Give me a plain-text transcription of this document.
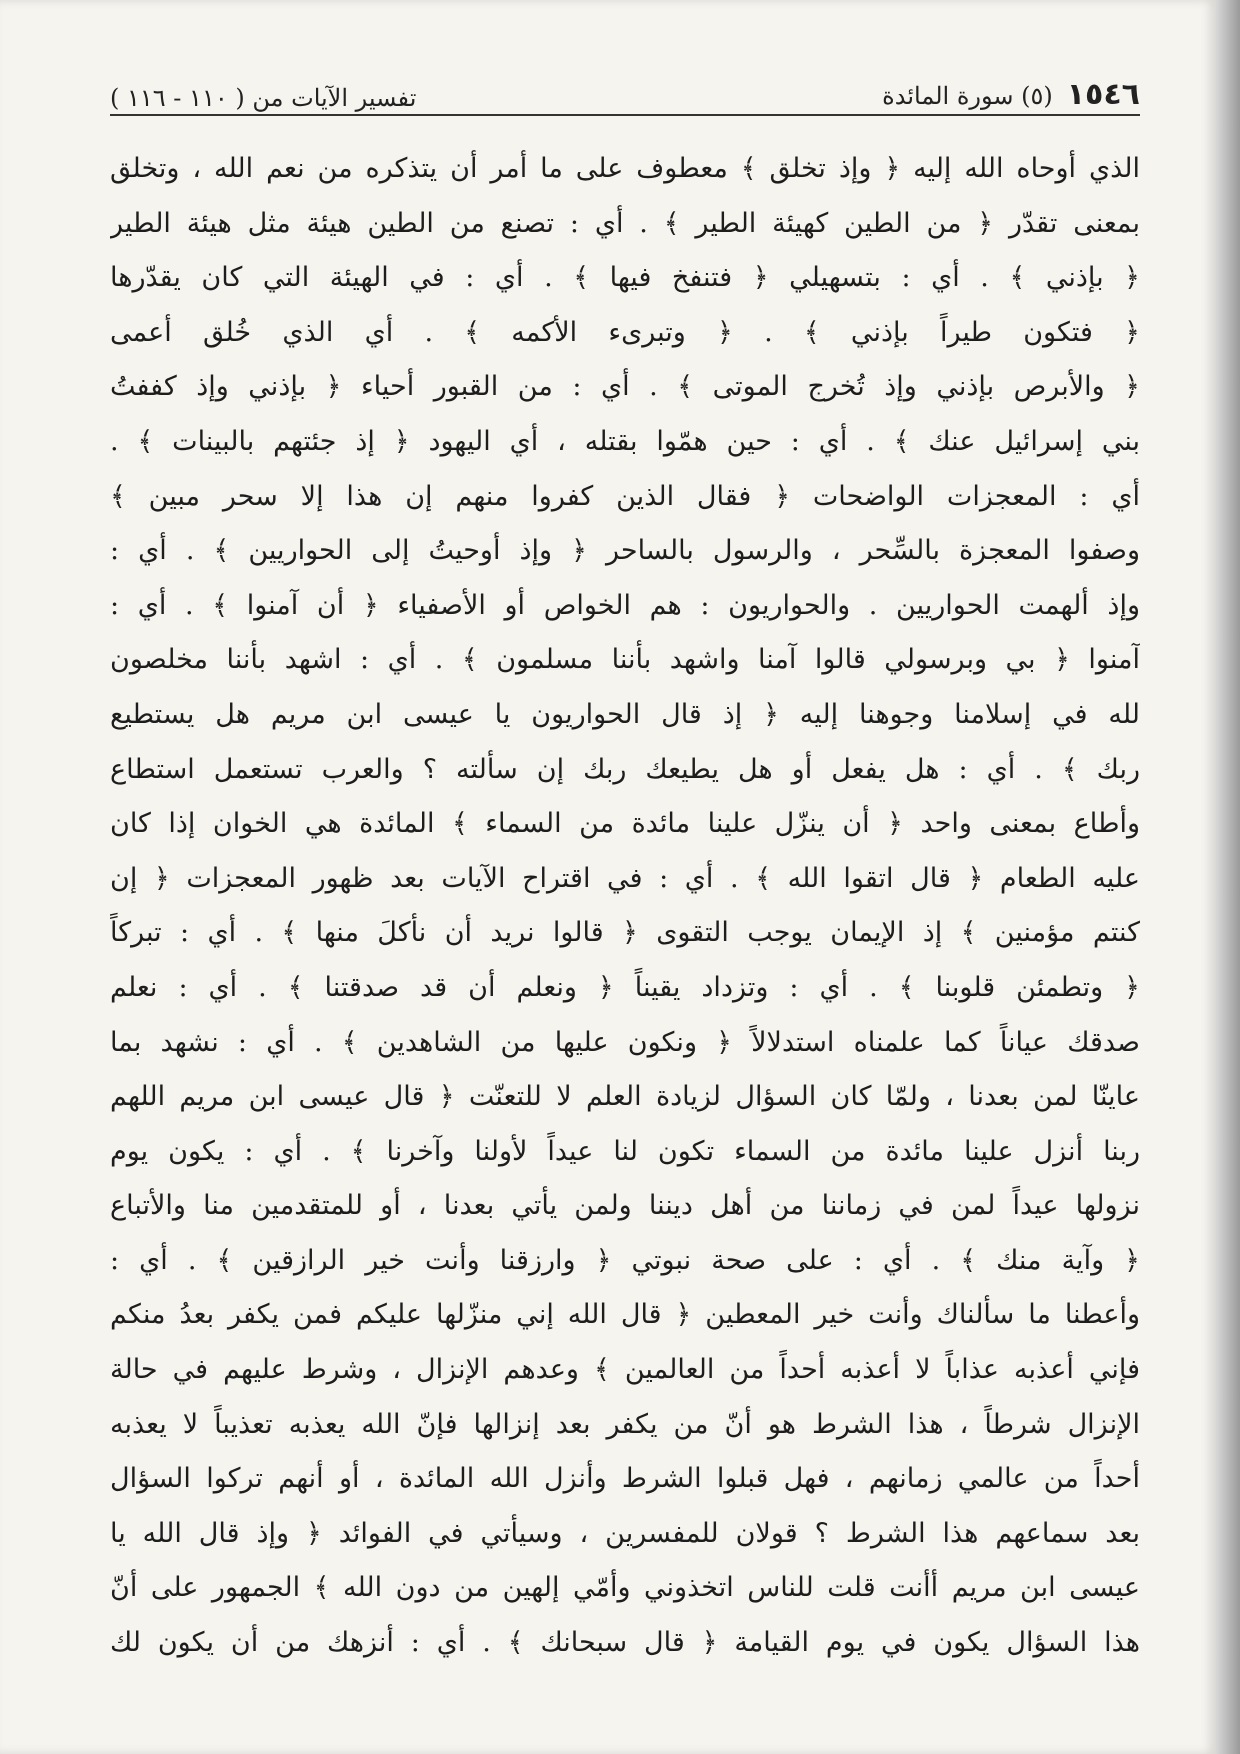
١٥٤٦
(٥) سورة المائدة
تفسير الآيات من ( ١١٠ - ١١٦ )
الذي أوحاه الله إليه ﴿ وإذ تخلق ﴾ معطوف على ما أمر أن يتذكره من نعم الله ، وتخلق
بمعنى تقدّر ﴿ من الطين كهيئة الطير ﴾ . أي : تصنع من الطين هيئة مثل هيئة الطير
﴿ بإذني ﴾ . أي : بتسهيلي ﴿ فتنفخ فيها ﴾ . أي : في الهيئة التي كان يقدّرها
﴿ فتكون طيراً بإذني ﴾ . ﴿ وتبرىء الأكمه ﴾ . أي الذي خُلق أعمى
﴿ والأبرص بإذني وإذ تُخرج الموتى ﴾ . أي : من القبور أحياء ﴿ بإذني وإذ كففتُ
بني إسرائيل عنك ﴾ . أي : حين همّوا بقتله ، أي اليهود ﴿ إذ جئتهم بالبينات ﴾ .
أي : المعجزات الواضحات ﴿ فقال الذين كفروا منهم إن هذا إلا سحر مبين ﴾
وصفوا المعجزة بالسِّحر ، والرسول بالساحر ﴿ وإذ أوحيتُ إلى الحواريين ﴾ . أي :
وإذ ألهمت الحواريين . والحواريون : هم الخواص أو الأصفياء ﴿ أن آمنوا ﴾ . أي :
آمنوا ﴿ بي وبرسولي قالوا آمنا واشهد بأننا مسلمون ﴾ . أي : اشهد بأننا مخلصون
لله في إسلامنا وجوهنا إليه ﴿ إذ قال الحواريون يا عيسى ابن مريم هل يستطيع
ربك ﴾ . أي : هل يفعل أو هل يطيعك ربك إن سألته ؟ والعرب تستعمل استطاع
وأطاع بمعنى واحد ﴿ أن ينزّل علينا مائدة من السماء ﴾ المائدة هي الخوان إذا كان
عليه الطعام ﴿ قال اتقوا الله ﴾ . أي : في اقتراح الآيات بعد ظهور المعجزات ﴿ إن
كنتم مؤمنين ﴾ إذ الإيمان يوجب التقوى ﴿ قالوا نريد أن نأكلَ منها ﴾ . أي : تبركاً
﴿ وتطمئن قلوبنا ﴾ . أي : وتزداد يقيناً ﴿ ونعلم أن قد صدقتنا ﴾ . أي : نعلم
صدقك عياناً كما علمناه استدلالاً ﴿ ونكون عليها من الشاهدين ﴾ . أي : نشهد بما
عاينّا لمن بعدنا ، ولمّا كان السؤال لزيادة العلم لا للتعنّت ﴿ قال عيسى ابن مريم اللهم
ربنا أنزل علينا مائدة من السماء تكون لنا عيداً لأولنا وآخرنا ﴾ . أي : يكون يوم
نزولها عيداً لمن في زماننا من أهل ديننا ولمن يأتي بعدنا ، أو للمتقدمين منا والأتباع
﴿ وآية منك ﴾ . أي : على صحة نبوتي ﴿ وارزقنا وأنت خير الرازقين ﴾ . أي :
وأعطنا ما سألناك وأنت خير المعطين ﴿ قال الله إني منزّلها عليكم فمن يكفر بعدُ منكم
فإني أعذبه عذاباً لا أعذبه أحداً من العالمين ﴾ وعدهم الإنزال ، وشرط عليهم في حالة
الإنزال شرطاً ، هذا الشرط هو أنّ من يكفر بعد إنزالها فإنّ الله يعذبه تعذيباً لا يعذبه
أحداً من عالمي زمانهم ، فهل قبلوا الشرط وأنزل الله المائدة ، أو أنهم تركوا السؤال
بعد سماعهم هذا الشرط ؟ قولان للمفسرين ، وسيأتي في الفوائد ﴿ وإذ قال الله يا
عيسى ابن مريم أأنت قلت للناس اتخذوني وأمّي إلهين من دون الله ﴾ الجمهور على أنّ
هذا السؤال يكون في يوم القيامة ﴿ قال سبحانك ﴾ . أي : أنزهك من أن يكون لك
